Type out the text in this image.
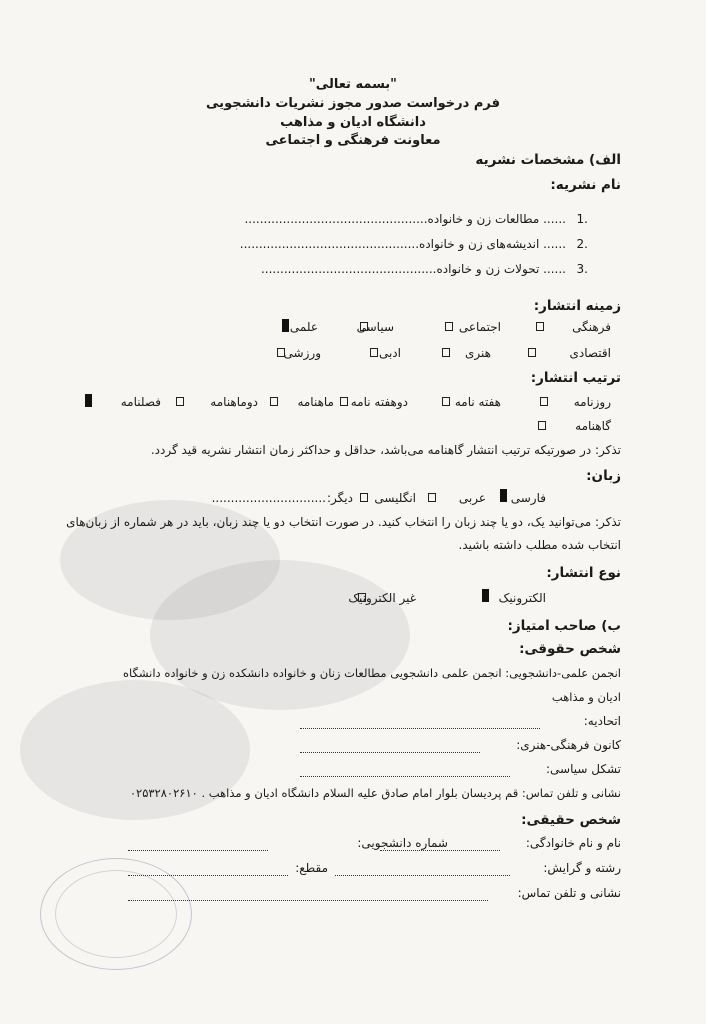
"بسمه تعالی"
فرم درخواست صدور مجوز نشریات دانشجویی
دانشگاه ادیان و مذاهب
معاونت فرهنگی و اجتماعی
الف) مشخصات نشریه
نام نشریه:
1.
...... مطالعات زن و خانواده................................................
2.
...... اندیشه‌های زن و خانواده...............................................
3.
...... تحولات زن و خانواده..............................................
زمینه انتشار:
فرهنگی
اجتماعی
سیاسی
علمی
اقتصادی
هنری
ادبی
ورزشی
ترتیب انتشار:
روزنامه
هفته نامه
دوهفته نامه
ماهنامه
دوماهنامه
فصلنامه
گاهنامه
تذکر: در صورتیکه ترتیب انتشار گاهنامه می‌باشد، حداقل و حداکثر زمان انتشار نشریه قید گردد.
زبان:
فارسی
عربی
انگلیسی
دیگر:
..............................
تذکر: می‌توانید یک، دو یا چند زبان را انتخاب کنید. در صورت انتخاب دو یا چند زبان، باید در هر شماره از زبان‌های
انتخاب شده مطلب داشته باشید.
نوع انتشار:
الکترونیک
غیر الکترونیک
ب) صاحب امتیاز:
شخص حقوقی:
انجمن علمی-دانشجویی: انجمن علمی دانشجویی مطالعات زنان و خانواده دانشکده زن و خانواده دانشگاه
ادیان و مذاهب
اتحادیه:
کانون فرهنگی-هنری:
تشکل سیاسی:
نشانی و تلفن تماس: قم پردیسان بلوار امام صادق علیه السلام دانشگاه ادیان و مذاهب . ۰۲۵۳۲۸۰۲۶۱۰
شخص حقیقی:
نام و نام خانوادگی:
شماره دانشجویی:
رشته و گرایش:
مقطع:
نشانی و تلفن تماس:
